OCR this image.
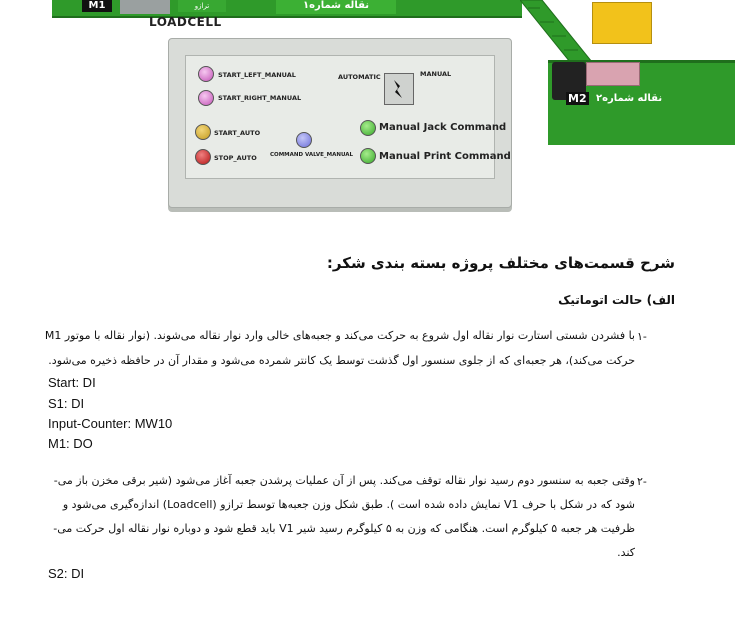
M1	ترازو	نقاله شماره۱
LOADCELL
M2 نقاله شماره۲
START_LEFT_MANUAL
START_RIGHT_MANUAL
START_AUTO
STOP_AUTO COMMAND VALVE_MANUAL
AUTOMATIC	MANUAL
Manual Jack Command
Manual Print Command
شرح قسمت‌های مختلف پروژه بسته بندی شکر:
الف) حالت اتوماتیک
۱-
با فشردن شستی استارت نوار نقاله اول شروع به حرکت می‌کند و جعبه‌های خالی وارد نوار نقاله می‌شوند. (نوار نقاله با موتور M1
حرکت می‌کند)، هر جعبه‌ای که از جلوی سنسور اول گذشت توسط یک کانتر شمرده می‌شود و مقدار آن در حافظه ذخیره می‌شود.
Start: DI
S1: DI
Input-Counter: MW10
M1: DO
۲-
وقتی جعبه به سنسور دوم رسید نوار نقاله توقف می‌کند. پس از آن عملیات پرشدن جعبه آغاز می‌شود (شیر برقی مخزن باز می-
شود که در شکل با حرف V1 نمایش داده شده است ). طبق شکل وزن جعبه‌ها توسط ترازو (Loadcell) اندازه‌گیری می‌شود و
ظرفیت هر جعبه ۵ کیلوگرم است. هنگامی که وزن به ۵ کیلوگرم رسید شیر V1 باید قطع شود و دوباره نوار نقاله اول حرکت می-
کند.
S2: DI
